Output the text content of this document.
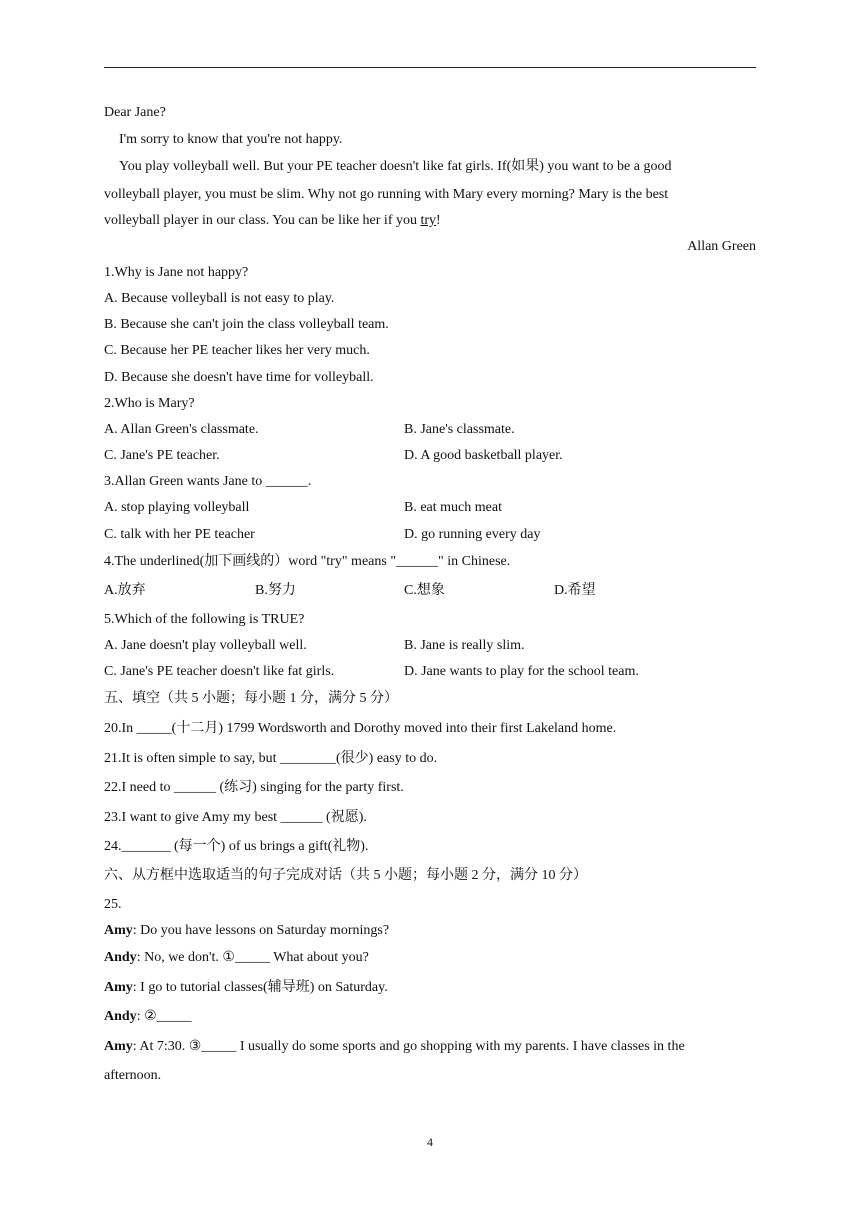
Dear Jane?
I'm sorry to know that you're not happy.
You play volleyball well. But your PE teacher doesn't like fat girls. If(如果) you want to be a good
volleyball player, you must be slim. Why not go running with Mary every morning? Mary is the best
volleyball player in our class. You can be like her if you try!
Allan Green
1.Why is Jane not happy?
A. Because volleyball is not easy to play.
B. Because she can't join the class volleyball team.
C. Because her PE teacher likes her very much.
D. Because she doesn't have time for volleyball.
2.Who is Mary?
A. Allan Green's classmate.	B. Jane's classmate.
C. Jane's PE teacher.	D. A good basketball player.
3.Allan Green wants Jane to ______.
A. stop playing volleyball	B. eat much meat
C. talk with her PE teacher	D. go running every day
4.The underlined(加下画线的）word "try" means "______" in Chinese.
A.放弃	B.努力	C.想象	D.希望
5.Which of the following is TRUE?
A. Jane doesn't play volleyball well.	B. Jane is really slim.
C. Jane's PE teacher doesn't like fat girls.	D. Jane wants to play for the school team.
五、填空（共 5 小题；每小题 1 分，满分 5 分）
20.In _____(十二月) 1799 Wordsworth and Dorothy moved into their first Lakeland home.
21.It is often simple to say, but ________(很少) easy to do.
22.I need to ______ (练习) singing for the party first.
23.I want to give Amy my best ______ (祝愿).
24._______ (每一个) of us brings a gift(礼物).
六、从方框中选取适当的句子完成对话（共 5 小题；每小题 2 分，满分 10 分）
25.
Amy: Do you have lessons on Saturday mornings?
Andy: No, we don't. ①_____ What about you?
Amy: I go to tutorial classes(辅导班) on Saturday.
Andy: ②_____
Amy: At 7:30. ③_____ I usually do some sports and go shopping with my parents. I have classes in the
afternoon.
4
